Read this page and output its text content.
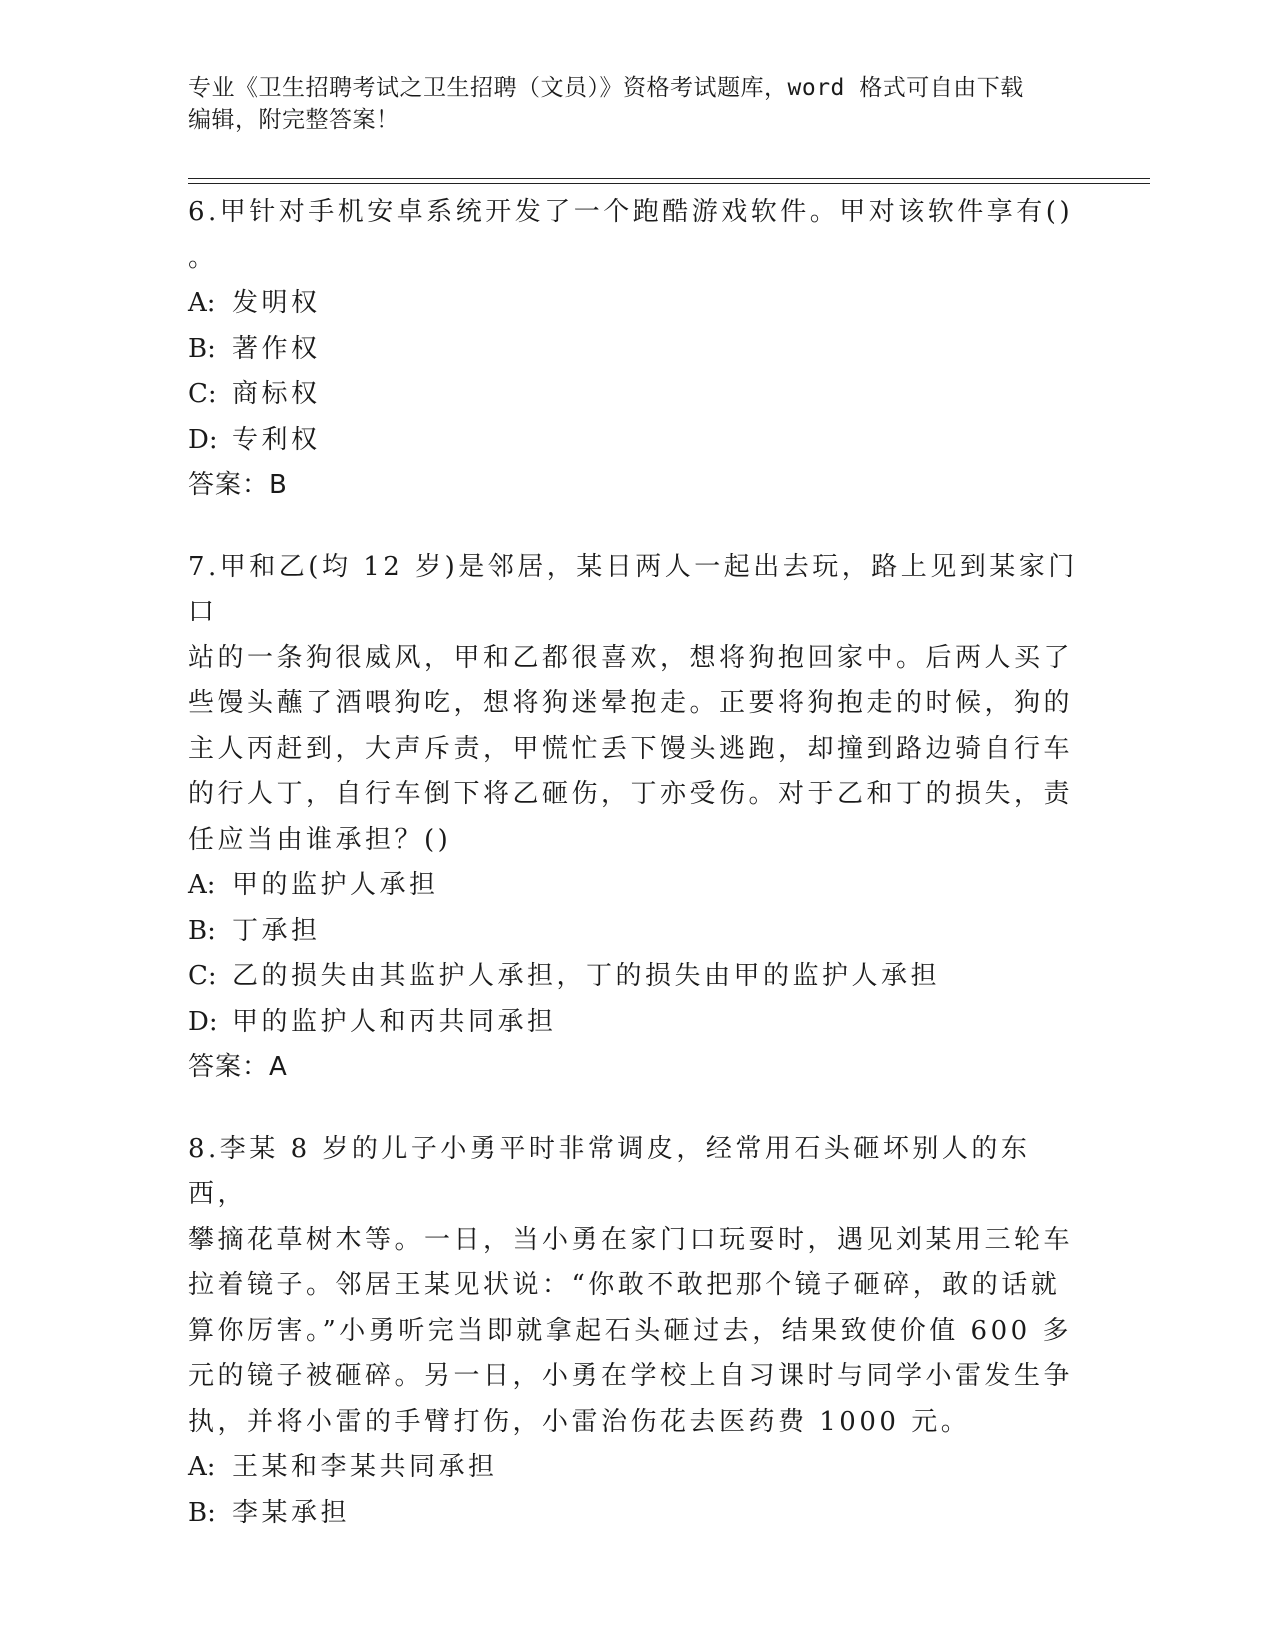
专业《卫生招聘考试之卫生招聘（文员）》资格考试题库，word 格式可自由下载
编辑，附完整答案！
6.甲针对手机安卓系统开发了一个跑酷游戏软件。甲对该软件享有()
。
A: 发明权
B: 著作权
C: 商标权
D: 专利权
答案：B
7.甲和乙(均 12 岁)是邻居，某日两人一起出去玩，路上见到某家门口
站的一条狗很威风，甲和乙都很喜欢，想将狗抱回家中。后两人买了
些馒头蘸了酒喂狗吃，想将狗迷晕抱走。正要将狗抱走的时候，狗的
主人丙赶到，大声斥责，甲慌忙丢下馒头逃跑，却撞到路边骑自行车
的行人丁，自行车倒下将乙砸伤，丁亦受伤。对于乙和丁的损失，责
任应当由谁承担？()
A: 甲的监护人承担
B: 丁承担
C: 乙的损失由其监护人承担，丁的损失由甲的监护人承担
D: 甲的监护人和丙共同承担
答案：A
8.李某 8 岁的儿子小勇平时非常调皮，经常用石头砸坏别人的东西，
攀摘花草树木等。一日，当小勇在家门口玩耍时，遇见刘某用三轮车
拉着镜子。邻居王某见状说：“你敢不敢把那个镜子砸碎，敢的话就
算你厉害。”小勇听完当即就拿起石头砸过去，结果致使价值 600 多
元的镜子被砸碎。另一日，小勇在学校上自习课时与同学小雷发生争
执，并将小雷的手臂打伤，小雷治伤花去医药费 1000 元。
A: 王某和李某共同承担
B: 李某承担
